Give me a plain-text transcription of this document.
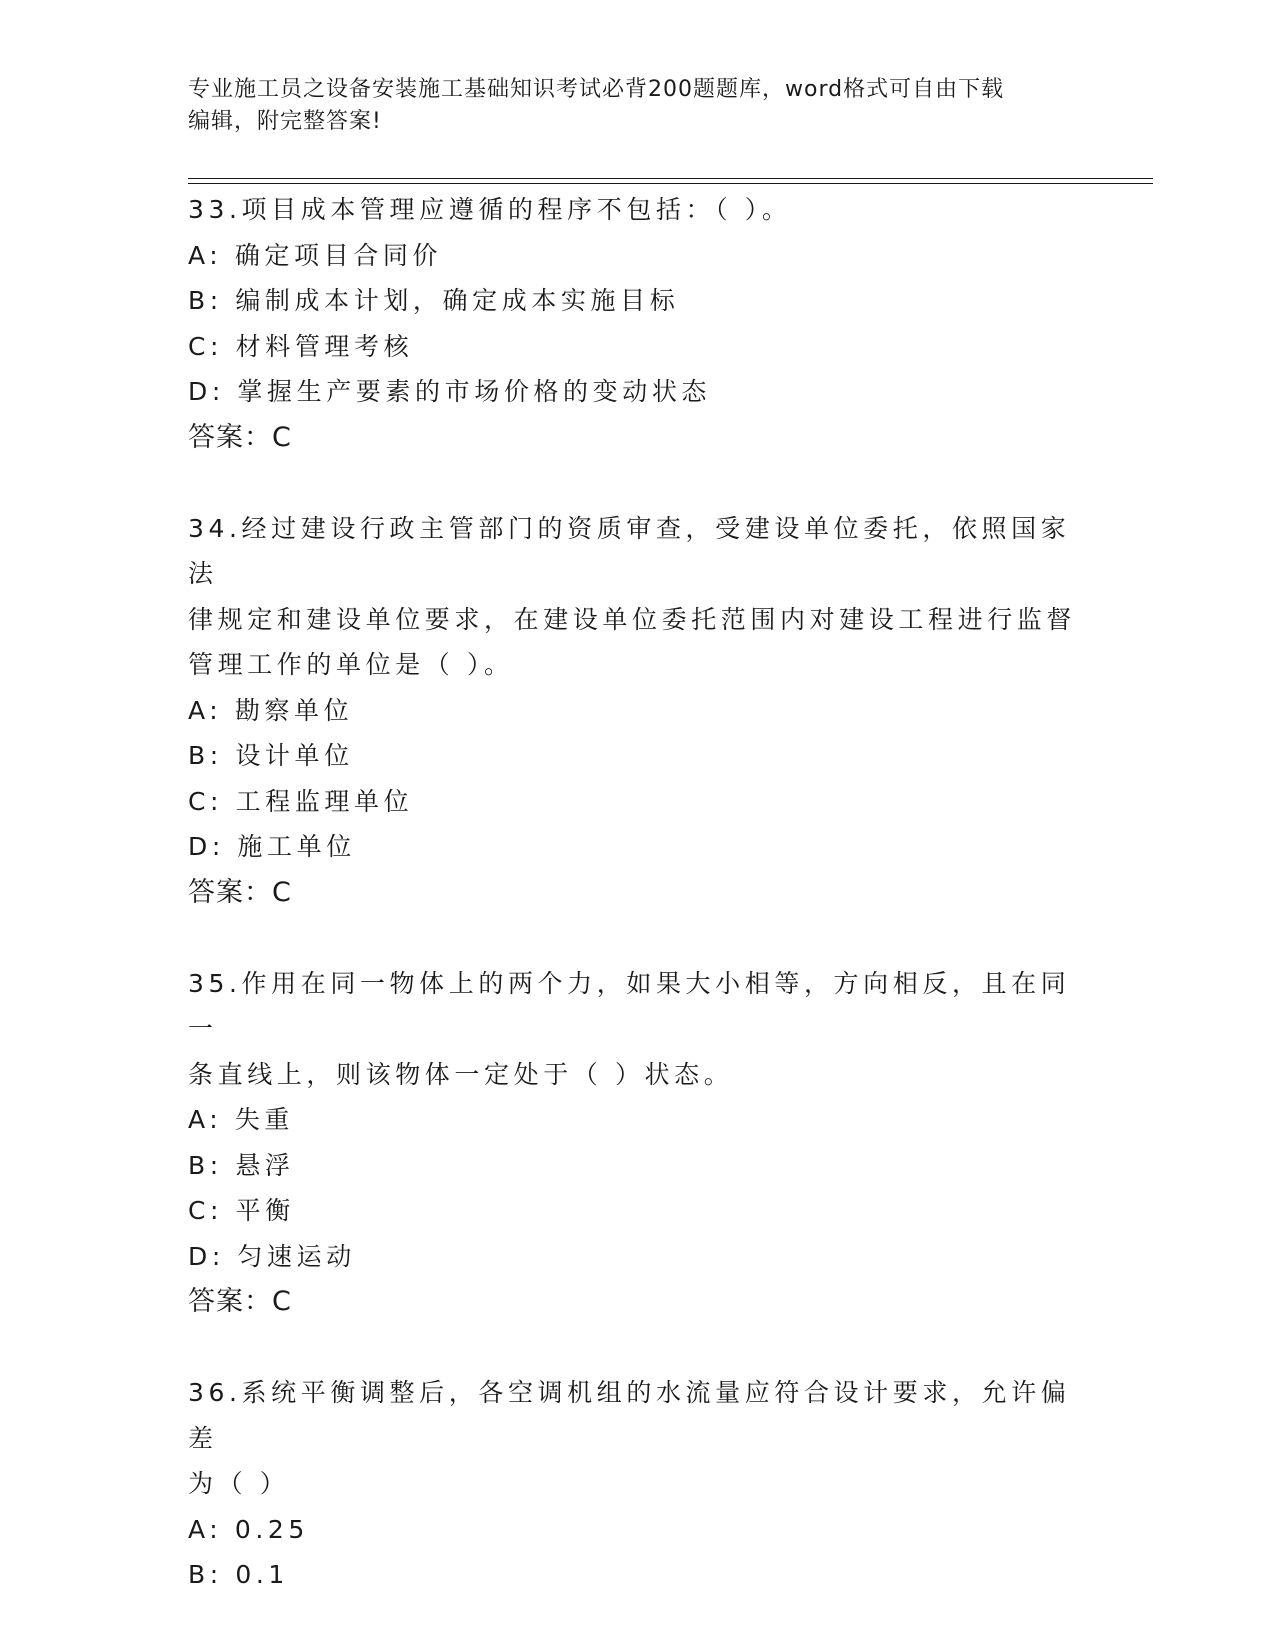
专业施工员之设备安装施工基础知识考试必背200题题库，word格式可自由下载
编辑，附完整答案!
33.项目成本管理应遵循的程序不包括：（ ）。
A: 确定项目合同价
B: 编制成本计划，确定成本实施目标
C: 材料管理考核
D: 掌握生产要素的市场价格的变动状态
答案：C
34.经过建设行政主管部门的资质审查，受建设单位委托，依照国家法
律规定和建设单位要求，在建设单位委托范围内对建设工程进行监督
管理工作的单位是（ ）。
A: 勘察单位
B: 设计单位
C: 工程监理单位
D: 施工单位
答案：C
35.作用在同一物体上的两个力，如果大小相等，方向相反，且在同一
条直线上，则该物体一定处于（ ）状态。
A: 失重
B: 悬浮
C: 平衡
D: 匀速运动
答案：C
36.系统平衡调整后，各空调机组的水流量应符合设计要求，允许偏差
为（ ）
A: 0.25
B: 0.1
